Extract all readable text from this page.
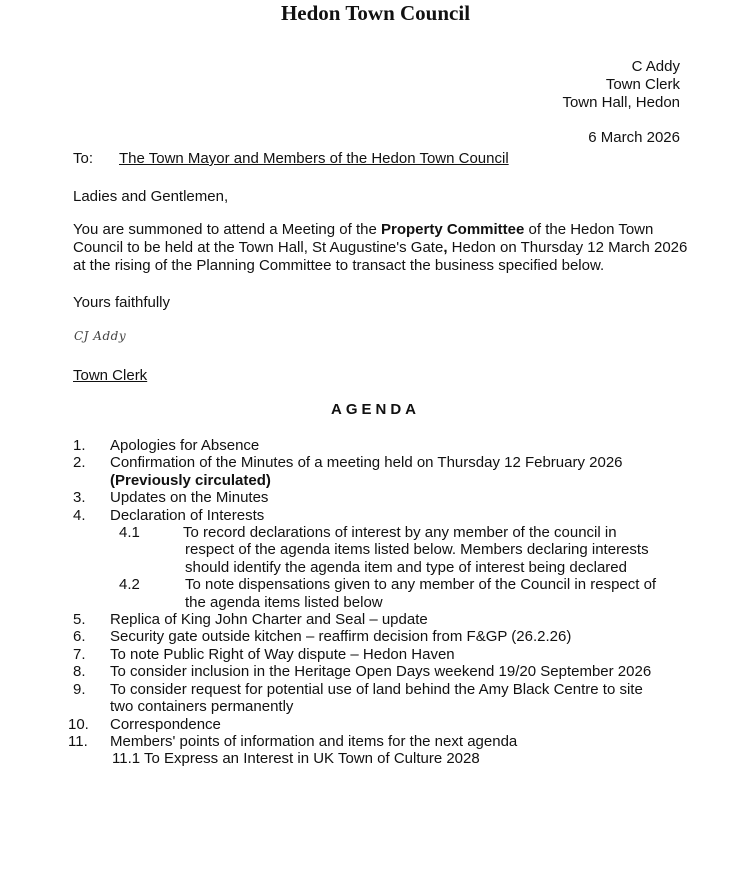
Hedon Town Council
C Addy
Town Clerk
Town Hall, Hedon
6 March 2026
To: The Town Mayor and Members of the Hedon Town Council
Ladies and Gentlemen,
You are summoned to attend a Meeting of the Property Committee of the Hedon Town Council to be held at the Town Hall, St Augustine's Gate, Hedon on Thursday 12 March 2026 at the rising of the Planning Committee to transact the business specified below.
Yours faithfully
CJ Addy
Town Clerk
AGENDA
1.	Apologies for Absence
2.	Confirmation of the Minutes of a meeting held on Thursday 12 February 2026
(Previously circulated)
3.	Updates on the Minutes
4.	Declaration of Interests
4.1	To record declarations of interest by any member of the council in
respect of the agenda items listed below. Members declaring interests
should identify the agenda item and type of interest being declared
4.2	To note dispensations given to any member of the Council in respect of
the agenda items listed below
5.	Replica of King John Charter and Seal – update
6.	Security gate outside kitchen – reaffirm decision from F&GP (26.2.26)
7.	To note Public Right of Way dispute – Hedon Haven
8.	To consider inclusion in the Heritage Open Days weekend 19/20 September 2026
9.	To consider request for potential use of land behind the Amy Black Centre to site
two containers permanently
10.	Correspondence
11.	Members' points of information and items for the next agenda
11.1 To Express an Interest in UK Town of Culture 2028
